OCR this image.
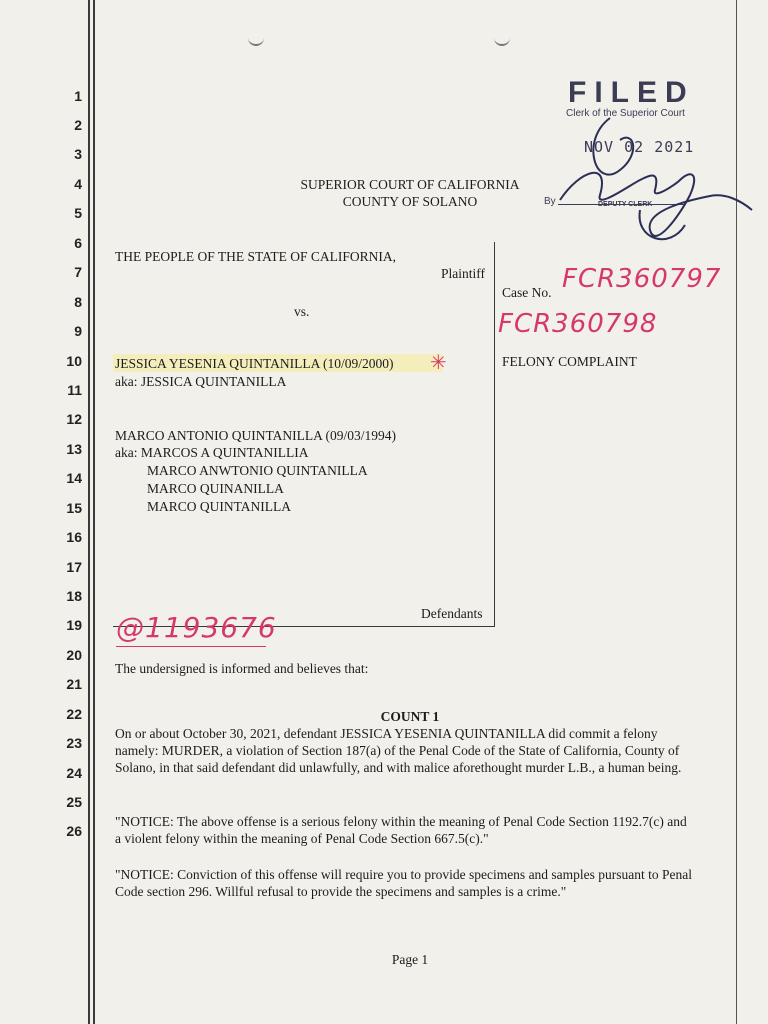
1
2
3
4
5
6
7
8
9
10
11
12
13
14
15
16
17
18
19
20
21
22
23
24
25
26
FILED
Clerk of the Superior Court
NOV 02 2021
By	DEPUTY CLERK
SUPERIOR COURT OF CALIFORNIA
COUNTY OF SOLANO
THE PEOPLE OF THE STATE OF CALIFORNIA,
Plaintiff
vs.
JESSICA YESENIA QUINTANILLA (10/09/2000) ✳
aka: JESSICA QUINTANILLA
MARCO ANTONIO QUINTANILLA (09/03/1994)
aka: MARCOS A QUINTANILLIA
MARCO ANWTONIO QUINTANILLA
MARCO QUINANILLA
MARCO QUINTANILLA
Defendants
Case No. FCR360797
FCR360798
FELONY COMPLAINT
@1193676
The undersigned is informed and believes that:
COUNT 1
On or about October 30, 2021, defendant JESSICA YESENIA QUINTANILLA did commit a felony namely: MURDER, a violation of Section 187(a) of the Penal Code of the State of California, County of Solano, in that said defendant did unlawfully, and with malice aforethought murder L.B., a human being.
"NOTICE: The above offense is a serious felony within the meaning of Penal Code Section 1192.7(c) and a violent felony within the meaning of Penal Code Section 667.5(c)."
"NOTICE: Conviction of this offense will require you to provide specimens and samples pursuant to Penal Code section 296. Willful refusal to provide the specimens and samples is a crime."
Page 1
